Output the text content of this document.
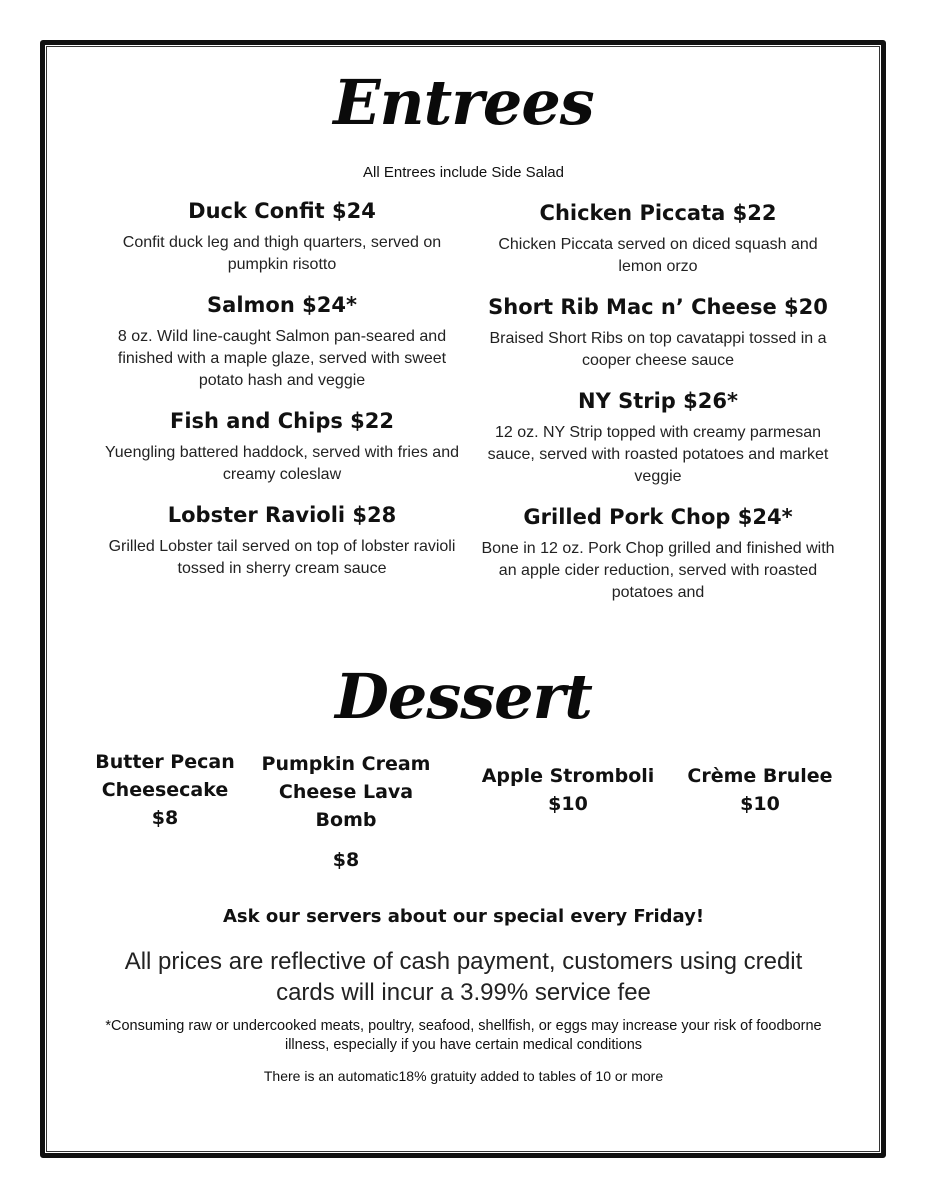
Entrees
All Entrees include Side Salad
Duck Confit $24
Confit duck leg and thigh quarters, served on pumpkin risotto
Salmon $24*
8 oz. Wild line-caught Salmon pan-seared and finished with a maple glaze, served with sweet potato hash and veggie
Fish and Chips $22
Yuengling battered haddock, served with fries and creamy coleslaw
Lobster Ravioli $28
Grilled Lobster tail served on top of lobster ravioli tossed in sherry cream sauce
Chicken Piccata $22
Chicken Piccata served on diced squash and lemon orzo
Short Rib Mac n’ Cheese $20
Braised Short Ribs on top cavatappi tossed in a cooper cheese sauce
NY Strip $26*
12 oz. NY Strip topped with creamy parmesan sauce, served with roasted potatoes and market veggie
Grilled Pork Chop $24*
Bone in 12 oz. Pork Chop grilled and finished with an apple cider reduction, served with roasted potatoes and
Dessert
Butter Pecan Cheesecake
$8
Pumpkin Cream Cheese Lava Bomb
$8
Apple Stromboli
$10
Crème Brulee
$10
Ask our servers about our special every Friday!
All prices are reflective of cash payment, customers using credit cards will incur a 3.99% service fee
*Consuming raw or undercooked meats, poultry, seafood, shellfish, or eggs may increase your risk of foodborne illness, especially if you have certain medical conditions
There is an automatic18% gratuity added to tables of 10 or more
